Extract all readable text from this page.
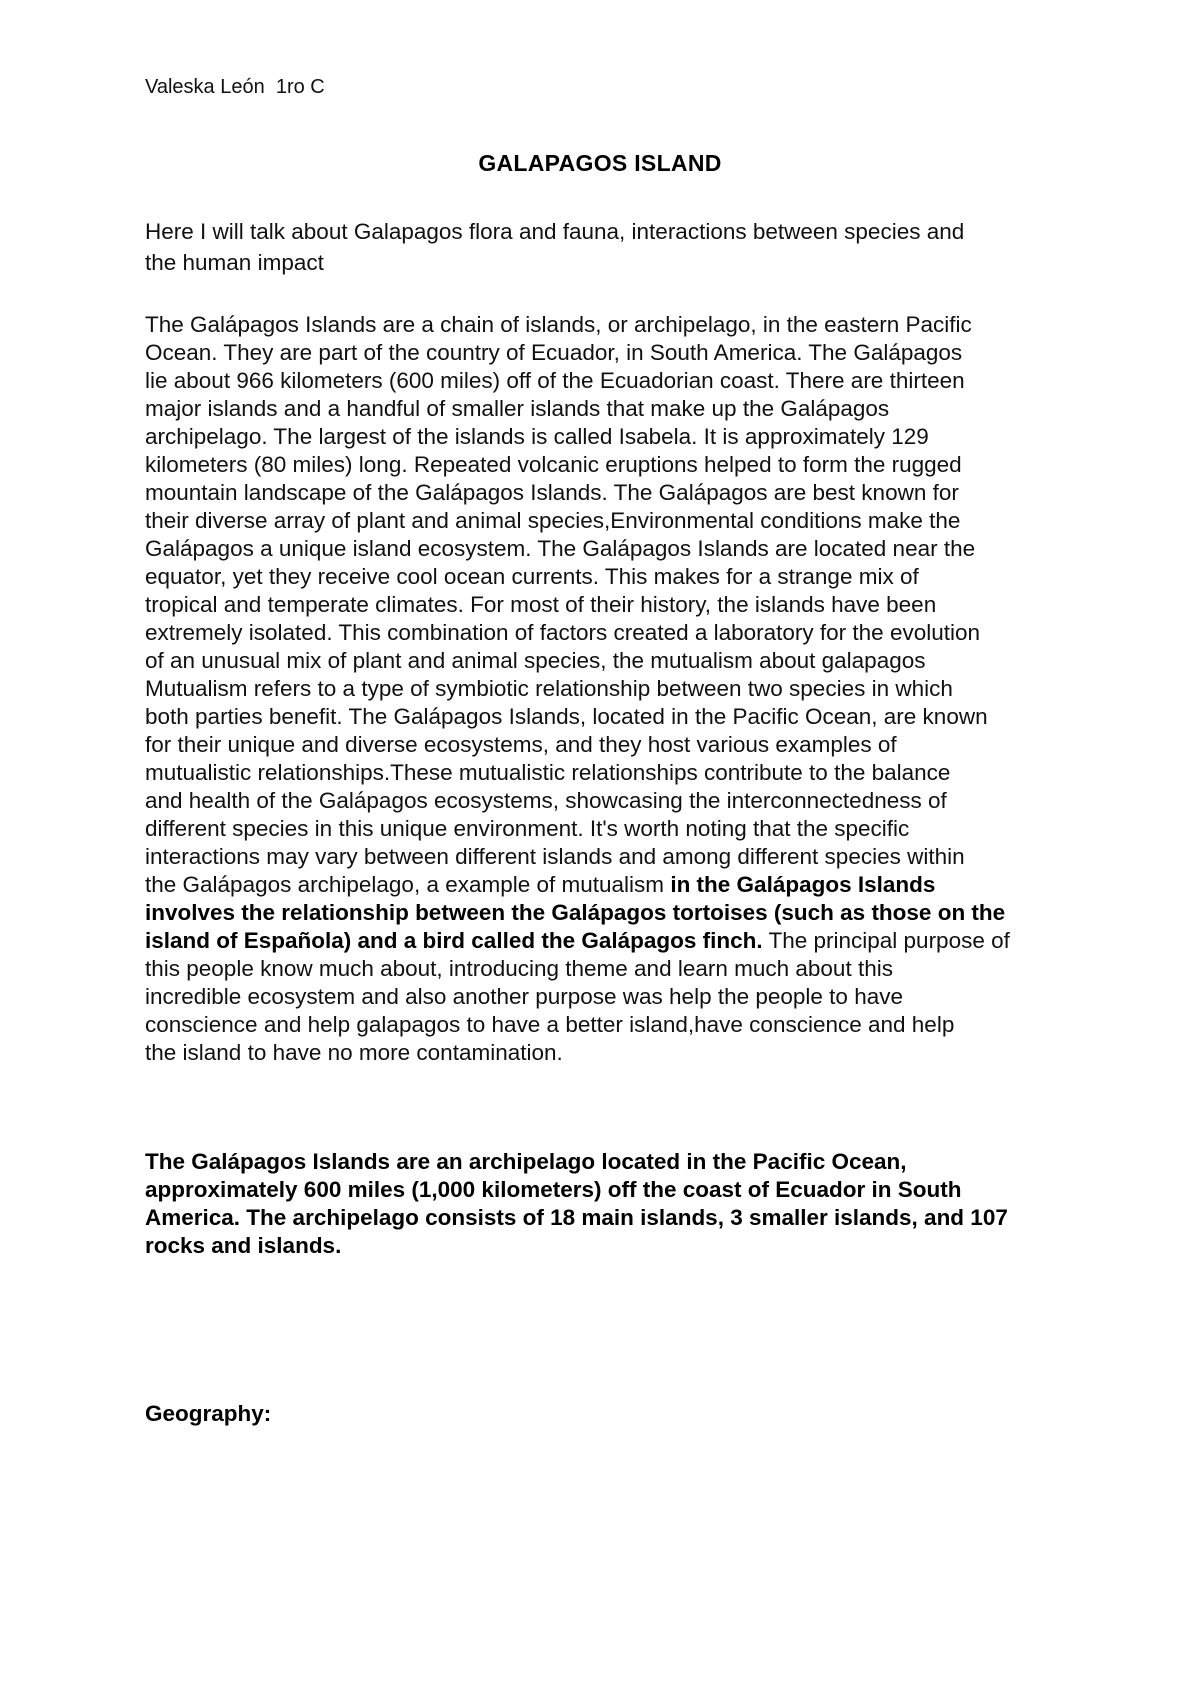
Valeska León  1ro C
GALAPAGOS ISLAND
Here I will talk about Galapagos flora and fauna, interactions between species and
the human impact
The Galápagos Islands are a chain of islands, or archipelago, in the eastern Pacific
Ocean. They are part of the country of Ecuador, in South America. The Galápagos
lie about 966 kilometers (600 miles) off of the Ecuadorian coast. There are thirteen
major islands and a handful of smaller islands that make up the Galápagos
archipelago. The largest of the islands is called Isabela. It is approximately 129
kilometers (80 miles) long. Repeated volcanic eruptions helped to form the rugged
mountain landscape of the Galápagos Islands. The Galápagos are best known for
their diverse array of plant and animal species,Environmental conditions make the
Galápagos a unique island ecosystem. The Galápagos Islands are located near the
equator, yet they receive cool ocean currents. This makes for a strange mix of
tropical and temperate climates. For most of their history, the islands have been
extremely isolated. This combination of factors created a laboratory for the evolution
of an unusual mix of plant and animal species, the mutualism about galapagos
Mutualism refers to a type of symbiotic relationship between two species in which
both parties benefit. The Galápagos Islands, located in the Pacific Ocean, are known
for their unique and diverse ecosystems, and they host various examples of
mutualistic relationships.These mutualistic relationships contribute to the balance
and health of the Galápagos ecosystems, showcasing the interconnectedness of
different species in this unique environment. It's worth noting that the specific
interactions may vary between different islands and among different species within
the Galápagos archipelago, a example of mutualism in the Galápagos Islands
involves the relationship between the Galápagos tortoises (such as those on the
island of Española) and a bird called the Galápagos finch. The principal purpose of
this people know much about, introducing theme and learn much about this
incredible ecosystem and also another purpose was help the people to have
conscience and help galapagos to have a better island,have conscience and help
the island to have no more contamination.
The Galápagos Islands are an archipelago located in the Pacific Ocean,
approximately 600 miles (1,000 kilometers) off the coast of Ecuador in South
America. The archipelago consists of 18 main islands, 3 smaller islands, and 107
rocks and islands.
Geography:
